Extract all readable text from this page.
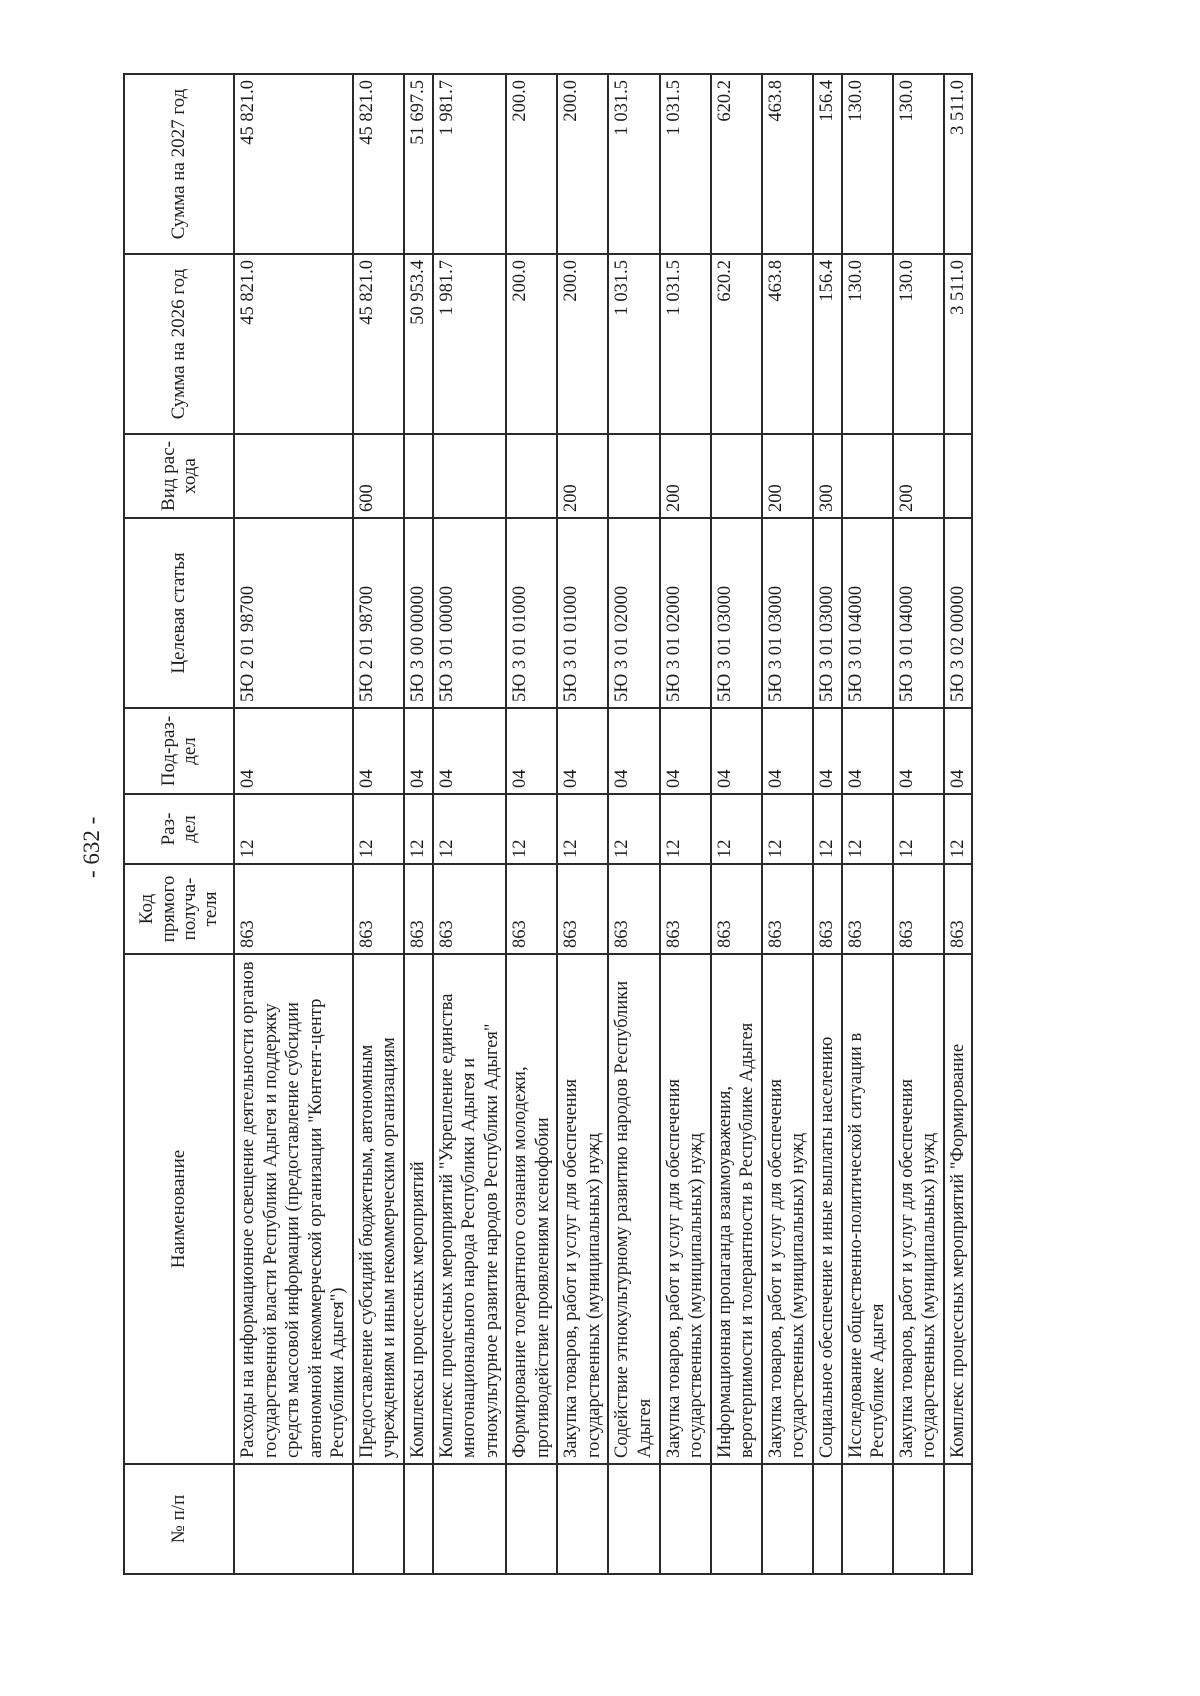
- 632 -
№ п/п	Наименование	Код прямого получа-теля	Раз-дел	Под-раз-дел	Целевая статья	Вид рас-хода	Сумма на 2026 год	Сумма на 2027 год
	Расходы на информационное освещение деятельности органов государственной власти Республики Адыгея и поддержку средств массовой информации (предоставление субсидии автономной некоммерческой организации "Контент-центр Республики Адыгея")	863	12	04	5Ю 2 01 98700		45 821.0	45 821.0
	Предоставление субсидий бюджетным, автономным учреждениям и иным некоммерческим организациям	863	12	04	5Ю 2 01 98700	600	45 821.0	45 821.0
	Комплексы процессных мероприятий	863	12	04	5Ю 3 00 00000		50 953.4	51 697.5
	Комплекс процессных мероприятий "Укрепление единства многонационального народа Республики Адыгея и этнокультурное развитие народов Республики Адыгея"	863	12	04	5Ю 3 01 00000		1 981.7	1 981.7
	Формирование толерантного сознания молодежи, противодействие проявлениям ксенофобии	863	12	04	5Ю 3 01 01000		200.0	200.0
	Закупка товаров, работ и услуг для обеспечения государственных (муниципальных) нужд	863	12	04	5Ю 3 01 01000	200	200.0	200.0
	Содействие этнокультурному развитию народов Республики Адыгея	863	12	04	5Ю 3 01 02000		1 031.5	1 031.5
	Закупка товаров, работ и услуг для обеспечения государственных (муниципальных) нужд	863	12	04	5Ю 3 01 02000	200	1 031.5	1 031.5
	Информационная пропаганда взаимоуважения, веротерпимости и толерантности в Республике Адыгея	863	12	04	5Ю 3 01 03000		620.2	620.2
	Закупка товаров, работ и услуг для обеспечения государственных (муниципальных) нужд	863	12	04	5Ю 3 01 03000	200	463.8	463.8
	Социальное обеспечение и иные выплаты населению	863	12	04	5Ю 3 01 03000	300	156.4	156.4
	Исследование общественно-политической ситуации в Республике Адыгея	863	12	04	5Ю 3 01 04000		130.0	130.0
	Закупка товаров, работ и услуг для обеспечения государственных (муниципальных) нужд	863	12	04	5Ю 3 01 04000	200	130.0	130.0
	Комплекс процессных мероприятий "Формирование	863	12	04	5Ю 3 02 00000		3 511.0	3 511.0
